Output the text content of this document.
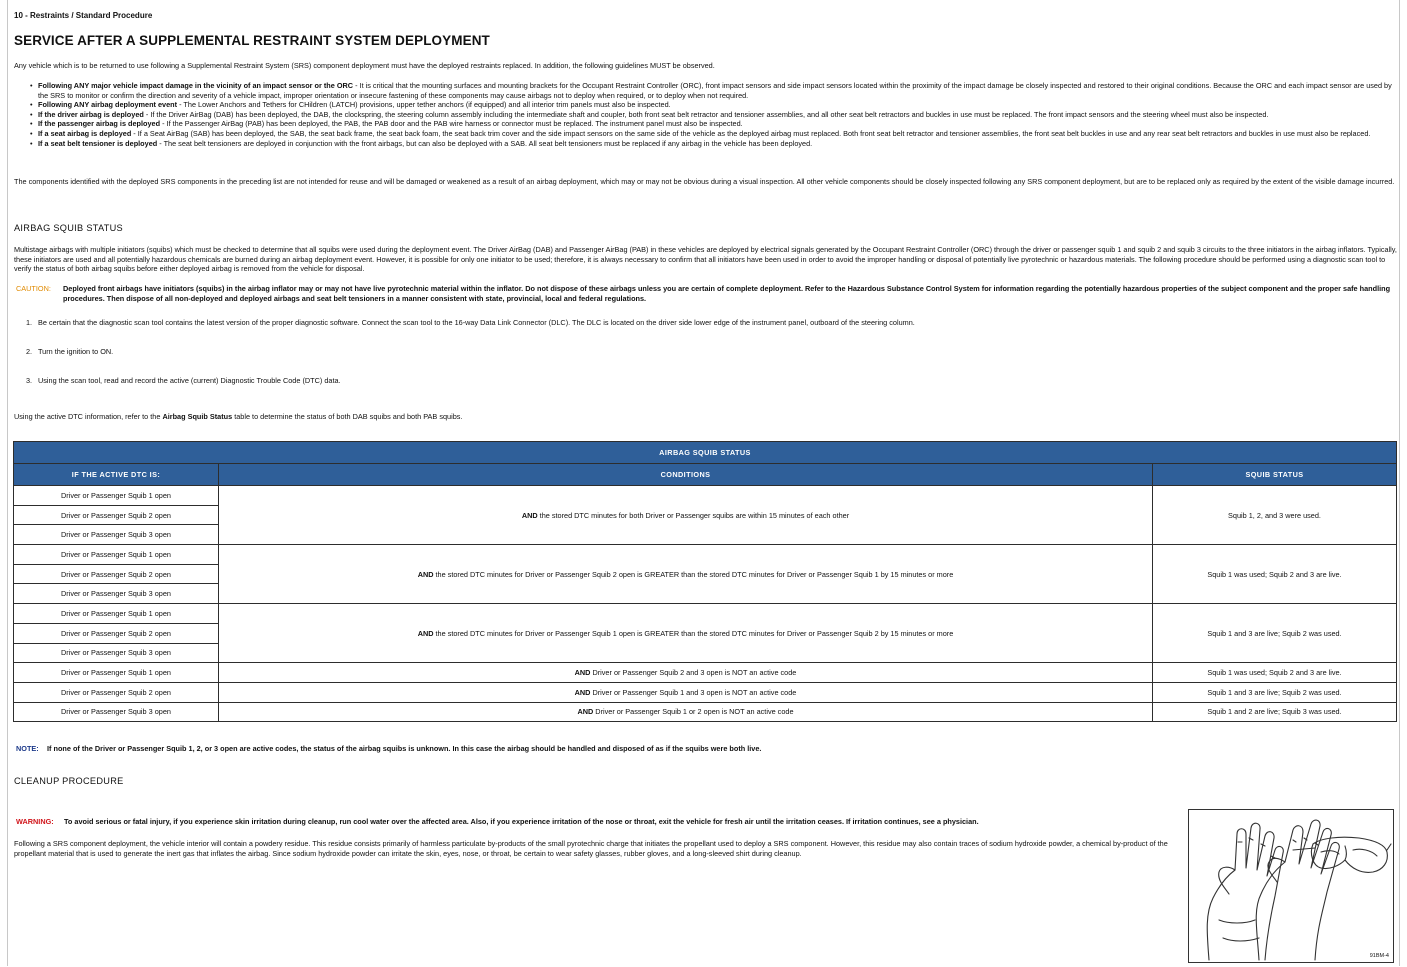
10 - Restraints / Standard Procedure
SERVICE AFTER A SUPPLEMENTAL RESTRAINT SYSTEM DEPLOYMENT

Any vehicle which is to be returned to use following a Supplemental Restraint System (SRS) component deployment must have the deployed restraints replaced. In addition, the following guidelines MUST be observed.

• Following ANY major vehicle impact damage in the vicinity of an impact sensor or the ORC - It is critical that the mounting surfaces and mounting brackets for the Occupant Restraint Controller (ORC), front impact sensors and side impact sensors located within the proximity of the impact damage be closely inspected and restored to their original conditions. Because the ORC and each impact sensor are used by the SRS to monitor or confirm the direction and severity of a vehicle impact, improper orientation or insecure fastening of these components may cause airbags not to deploy when required, or to deploy when not required.
• Following ANY airbag deployment event - The Lower Anchors and Tethers for CHildren (LATCH) provisions, upper tether anchors (if equipped) and all interior trim panels must also be inspected.
• If the driver airbag is deployed - If the Driver AirBag (DAB) has been deployed, the DAB, the clockspring, the steering column assembly including the intermediate shaft and coupler, both front seat belt retractor and tensioner assemblies, and all other seat belt retractors and buckles in use must be replaced. The front impact sensors and the steering wheel must also be inspected.
• If the passenger airbag is deployed - If the Passenger AirBag (PAB) has been deployed, the PAB, the PAB door and the PAB wire harness or connector must be replaced. The instrument panel must also be inspected.
• If a seat airbag is deployed - If a Seat AirBag (SAB) has been deployed, the SAB, the seat back frame, the seat back foam, the seat back trim cover and the side impact sensors on the same side of the vehicle as the deployed airbag must replaced. Both front seat belt retractor and tensioner assemblies, the front seat belt buckles in use and any rear seat belt retractors and buckles in use must also be replaced.
• If a seat belt tensioner is deployed - The seat belt tensioners are deployed in conjunction with the front airbags, but can also be deployed with a SAB. All seat belt tensioners must be replaced if any airbag in the vehicle has been deployed.

The components identified with the deployed SRS components in the preceding list are not intended for reuse and will be damaged or weakened as a result of an airbag deployment, which may or may not be obvious during a visual inspection. All other vehicle components should be closely inspected following any SRS component deployment, but are to be replaced only as required by the extent of the visible damage incurred.

AIRBAG SQUIB STATUS

Multistage airbags with multiple initiators (squibs) which must be checked to determine that all squibs were used during the deployment event. The Driver AirBag (DAB) and Passenger AirBag (PAB) in these vehicles are deployed by electrical signals generated by the Occupant Restraint Controller (ORC) through the driver or passenger squib 1 and squib 2 and squib 3 circuits to the three initiators in the airbag inflators. Typically, these initiators are used and all potentially hazardous chemicals are burned during an airbag deployment event. However, it is possible for only one initiator to be used; therefore, it is always necessary to confirm that all initiators have been used in order to avoid the improper handling or disposal of potentially live pyrotechnic or hazardous materials. The following procedure should be performed using a diagnostic scan tool to verify the status of both airbag squibs before either deployed airbag is removed from the vehicle for disposal.

CAUTION: Deployed front airbags have initiators (squibs) in the airbag inflator may or may not have live pyrotechnic material within the inflator. Do not dispose of these airbags unless you are certain of complete deployment. Refer to the Hazardous Substance Control System for information regarding the potentially hazardous properties of the subject component and the proper safe handling procedures. Then dispose of all non-deployed and deployed airbags and seat belt tensioners in a manner consistent with state, provincial, local and federal regulations.
1. Be certain that the diagnostic scan tool contains the latest version of the proper diagnostic software. Connect the scan tool to the 16-way Data Link Connector (DLC). The DLC is located on the driver side lower edge of the instrument panel, outboard of the steering column.
2. Turn the ignition to ON.
3. Using the scan tool, read and record the active (current) Diagnostic Trouble Code (DTC) data.

Using the active DTC information, refer to the Airbag Squib Status table to determine the status of both DAB squibs and both PAB squibs.

AIRBAG SQUIB STATUS		
IF THE ACTIVE DTC IS:	CONDITIONS	SQUIB STATUS
Driver or Passenger Squib 1 open	AND the stored DTC minutes for both Driver or Passenger squibs are within 15 minutes of each other	Squib 1, 2, and 3 were used.
Driver or Passenger Squib 2 open		
Driver or Passenger Squib 3 open		
Driver or Passenger Squib 1 open	AND the stored DTC minutes for Driver or Passenger Squib 2 open is GREATER than the stored DTC minutes for Driver or Passenger Squib 1 by 15 minutes or more	Squib 1 was used; Squib 2 and 3 are live.
Driver or Passenger Squib 2 open		
Driver or Passenger Squib 3 open		
Driver or Passenger Squib 1 open	AND the stored DTC minutes for Driver or Passenger Squib 1 open is GREATER than the stored DTC minutes for Driver or Passenger Squib 2 by 15 minutes or more	Squib 1 and 3 are live; Squib 2 was used.
Driver or Passenger Squib 2 open		
Driver or Passenger Squib 3 open		
Driver or Passenger Squib 1 open	AND Driver or Passenger Squib 2 and 3 open is NOT an active code	Squib 1 was used; Squib 2 and 3 are live.
Driver or Passenger Squib 2 open	AND Driver or Passenger Squib 1 and 3 open is NOT an active code	Squib 1 and 3 are live; Squib 2 was used.
Driver or Passenger Squib 3 open	AND Driver or Passenger Squib 1 or 2 open is NOT an active code	Squib 1 and 2 are live; Squib 3 was used.
NOTE: If none of the Driver or Passenger Squib 1, 2, or 3 open are active codes, the status of the airbag squibs is unknown. In this case the airbag should be handled and disposed of as if the squibs were both live.
CLEANUP PROCEDURE
WARNING: To avoid serious or fatal injury, if you experience skin irritation during cleanup, run cool water over the affected area. Also, if you experience irritation of the nose or throat, exit the vehicle for fresh air until the irritation ceases. If irritation continues, see a physician.

Following a SRS component deployment, the vehicle interior will contain a powdery residue. This residue consists primarily of harmless particulate by-products of the small pyrotechnic charge that initiates the propellant used to deploy a SRS component. However, this residue may also contain traces of sodium hydroxide powder, a chemical by-product of the propellant material that is used to generate the inert gas that inflates the airbag. Since sodium hydroxide powder can irritate the skin, eyes, nose, or throat, be certain to wear safety glasses, rubber gloves, and a long-sleeved shirt during cleanup.

91BM-4
